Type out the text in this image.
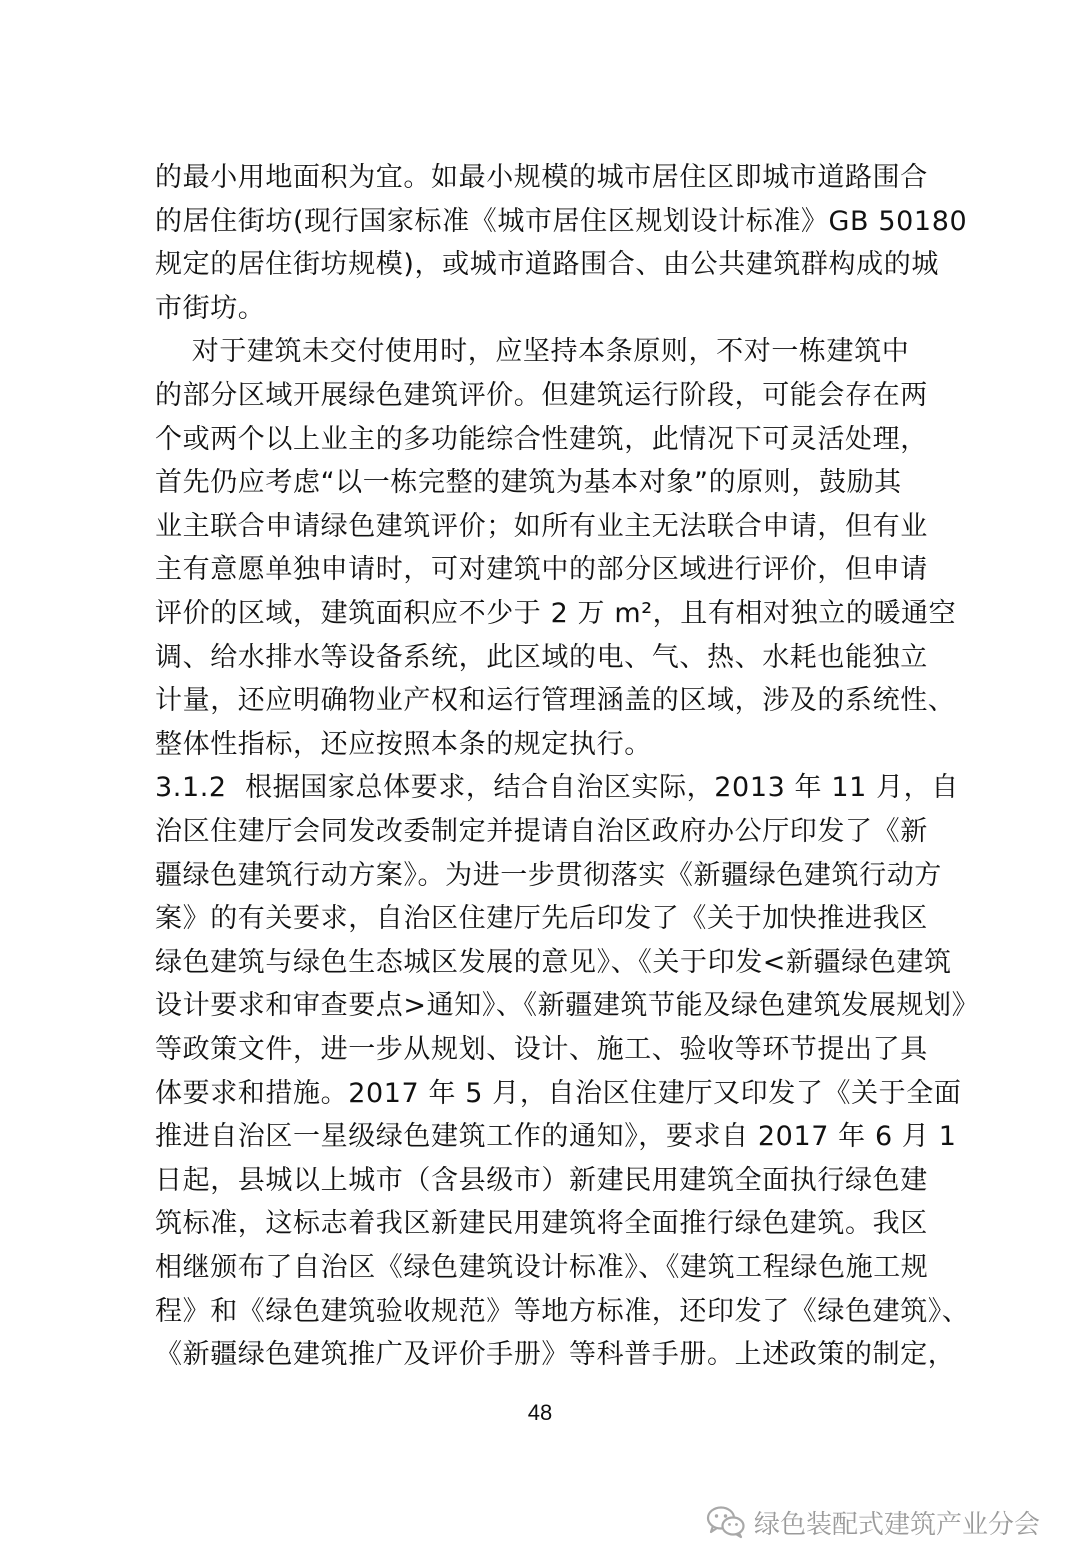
的最小用地面积为宜。如最小规模的城市居住区即城市道路围合
的居住街坊(现行国家标准《城市居住区规划设计标准》GB 50180
规定的居住街坊规模)，或城市道路围合、由公共建筑群构成的城
市街坊。
对于建筑未交付使用时，应坚持本条原则，不对一栋建筑中
的部分区域开展绿色建筑评价。但建筑运行阶段，可能会存在两
个或两个以上业主的多功能综合性建筑，此情况下可灵活处理，
首先仍应考虑“以一栋完整的建筑为基本对象”的原则，鼓励其
业主联合申请绿色建筑评价；如所有业主无法联合申请，但有业
主有意愿单独申请时，可对建筑中的部分区域进行评价，但申请
评价的区域，建筑面积应不少于 2 万 m²，且有相对独立的暖通空
调、给水排水等设备系统，此区域的电、气、热、水耗也能独立
计量，还应明确物业产权和运行管理涵盖的区域，涉及的系统性、
整体性指标，还应按照本条的规定执行。
3.1.2  根据国家总体要求，结合自治区实际，2013 年 11 月，自
治区住建厅会同发改委制定并提请自治区政府办公厅印发了《新
疆绿色建筑行动方案》。为进一步贯彻落实《新疆绿色建筑行动方
案》的有关要求，自治区住建厅先后印发了《关于加快推进我区
绿色建筑与绿色生态城区发展的意见》、《关于印发<新疆绿色建筑
设计要求和审查要点>通知》、《新疆建筑节能及绿色建筑发展规划》
等政策文件，进一步从规划、设计、施工、验收等环节提出了具
体要求和措施。2017 年 5 月，自治区住建厅又印发了《关于全面
推进自治区一星级绿色建筑工作的通知》，要求自 2017 年 6 月 1
日起，县城以上城市（含县级市）新建民用建筑全面执行绿色建
筑标准，这标志着我区新建民用建筑将全面推行绿色建筑。我区
相继颁布了自治区《绿色建筑设计标准》、《建筑工程绿色施工规
程》和《绿色建筑验收规范》等地方标准，还印发了《绿色建筑》、
《新疆绿色建筑推广及评价手册》等科普手册。上述政策的制定，
48
绿色装配式建筑产业分会
